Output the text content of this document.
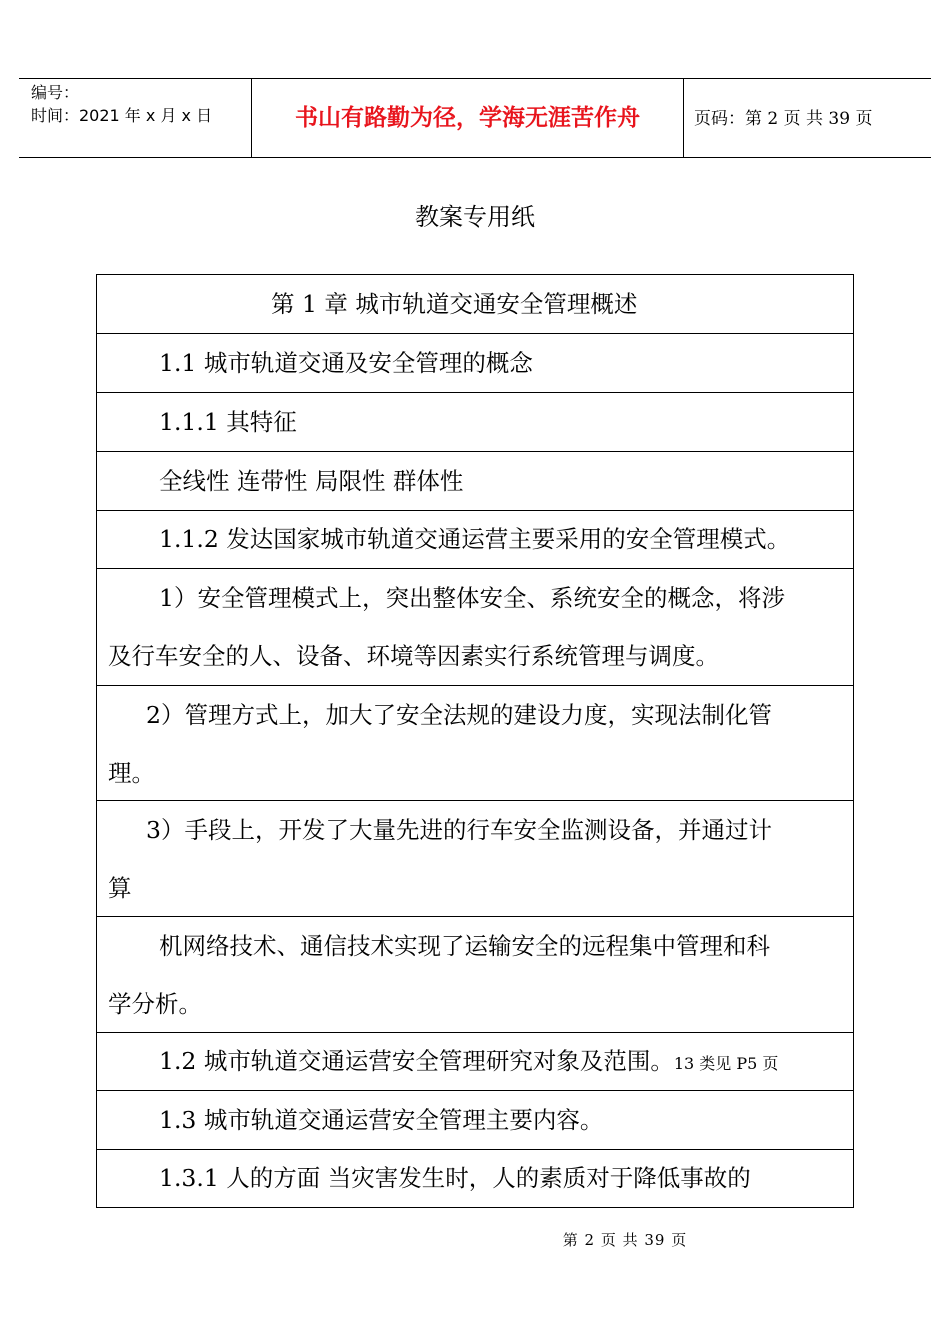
编号：
时间：2021 年 x 月 x 日	书山有路勤为径，学海无涯苦作舟	页码：第 2 页 共 39 页
教案专用纸
第 1 章 城市轨道交通安全管理概述
1.1 城市轨道交通及安全管理的概念
1.1.1 其特征
全线性 连带性 局限性 群体性
1.1.2 发达国家城市轨道交通运营主要采用的安全管理模式。
1）安全管理模式上，突出整体安全、系统安全的概念，将涉
及行车安全的人、设备、环境等因素实行系统管理与调度。
2）管理方式上，加大了安全法规的建设力度，实现法制化管
理。
3）手段上，开发了大量先进的行车安全监测设备，并通过计
算
机网络技术、通信技术实现了运输安全的远程集中管理和科
学分析。
1.2 城市轨道交通运营安全管理研究对象及范围。13 类见 P5 页
1.3 城市轨道交通运营安全管理主要内容。
1.3.1 人的方面 当灾害发生时，人的素质对于降低事故的
第 2 页 共 39 页
